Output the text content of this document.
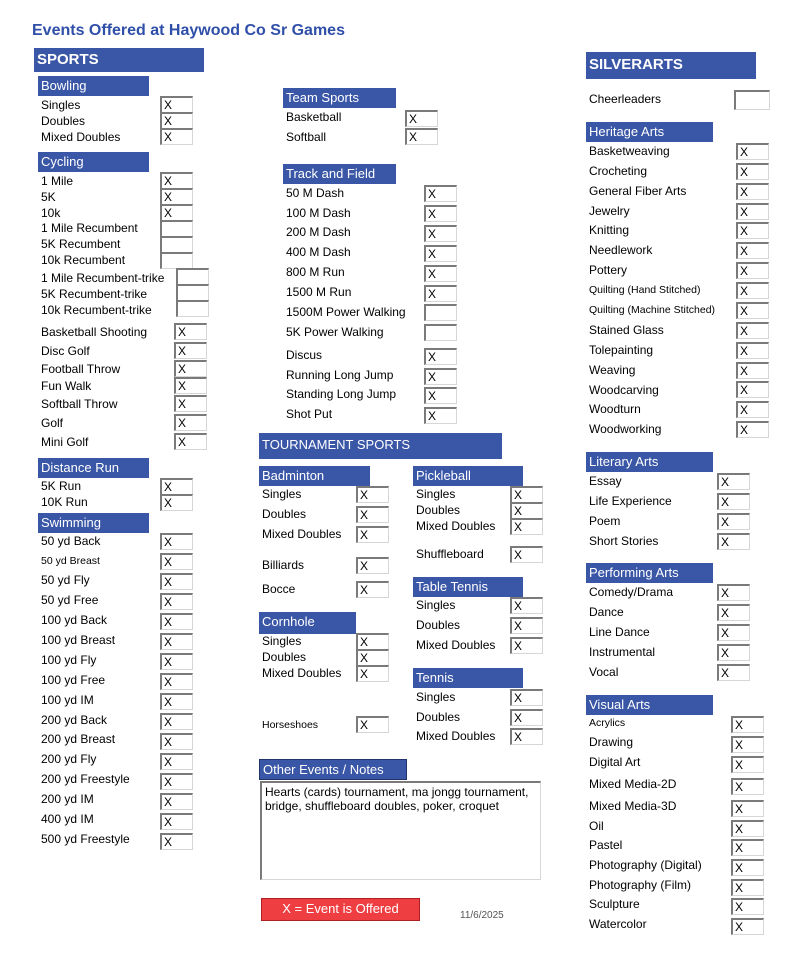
Events Offered at Haywood Co Sr Games
SPORTS
TOURNAMENT SPORTS
SILVERARTS
Bowling
Cycling
Distance Run
Swimming
Team Sports
Track and Field
Badminton
Cornhole
Pickleball
Table Tennis
Tennis
Heritage Arts
Literary Arts
Performing Arts
Visual Arts
Singles	X
Doubles	X
Mixed Doubles	X
1 Mile	X
5K	X
10k	X
1 Mile Recumbent
5K Recumbent
10k Recumbent
1 Mile Recumbent-trike
5K Recumbent-trike
10k Recumbent-trike
Basketball Shooting	X
Disc Golf	X
Football Throw	X
Fun Walk	X
Softball Throw	X
Golf	X
Mini Golf	X
5K Run	X
10K Run	X
50 yd Back	X
50 yd Breast	X
50 yd Fly	X
50 yd Free	X
100 yd Back	X
100 yd Breast	X
100 yd Fly	X
100 yd Free	X
100 yd IM	X
200 yd Back	X
200 yd Breast	X
200 yd Fly	X
200 yd Freestyle	X
200 yd IM	X
400 yd IM	X
500 yd Freestyle	X
Basketball	X
Softball	X
50 M Dash	X
100 M Dash	X
200 M Dash	X
400 M Dash	X
800 M Run	X
1500 M Run	X
1500M Power Walking
5K Power Walking
Discus	X
Running Long Jump	X
Standing Long Jump	X
Shot Put	X
Singles	X
Doubles	X
Mixed Doubles	X
Billiards	X
Bocce	X
Singles	X
Doubles	X
Mixed Doubles	X
Horseshoes	X
Singles	X
Doubles	X
Mixed Doubles	X
Shuffleboard	X
Singles	X
Doubles	X
Mixed Doubles	X
Singles	X
Doubles	X
Mixed Doubles	X
Cheerleaders
Basketweaving	X
Crocheting	X
General Fiber Arts	X
Jewelry	X
Knitting	X
Needlework	X
Pottery	X
Quilting (Hand Stitched)	X
Quilting (Machine Stitched)	X
Stained Glass	X
Tolepainting	X
Weaving	X
Woodcarving	X
Woodturn	X
Woodworking	X
Essay	X
Life Experience	X
Poem	X
Short Stories	X
Comedy/Drama	X
Dance	X
Line Dance	X
Instrumental	X
Vocal	X
Acrylics	X
Drawing	X
Digital Art	X
Mixed Media-2D	X
Mixed Media-3D	X
Oil	X
Pastel	X
Photography (Digital)	X
Photography (Film)	X
Sculpture	X
Watercolor	X
Other Events / Notes
Hearts (cards) tournament, ma jongg tournament, bridge, shuffleboard doubles, poker, croquet
X = Event is Offered	11/6/2025
